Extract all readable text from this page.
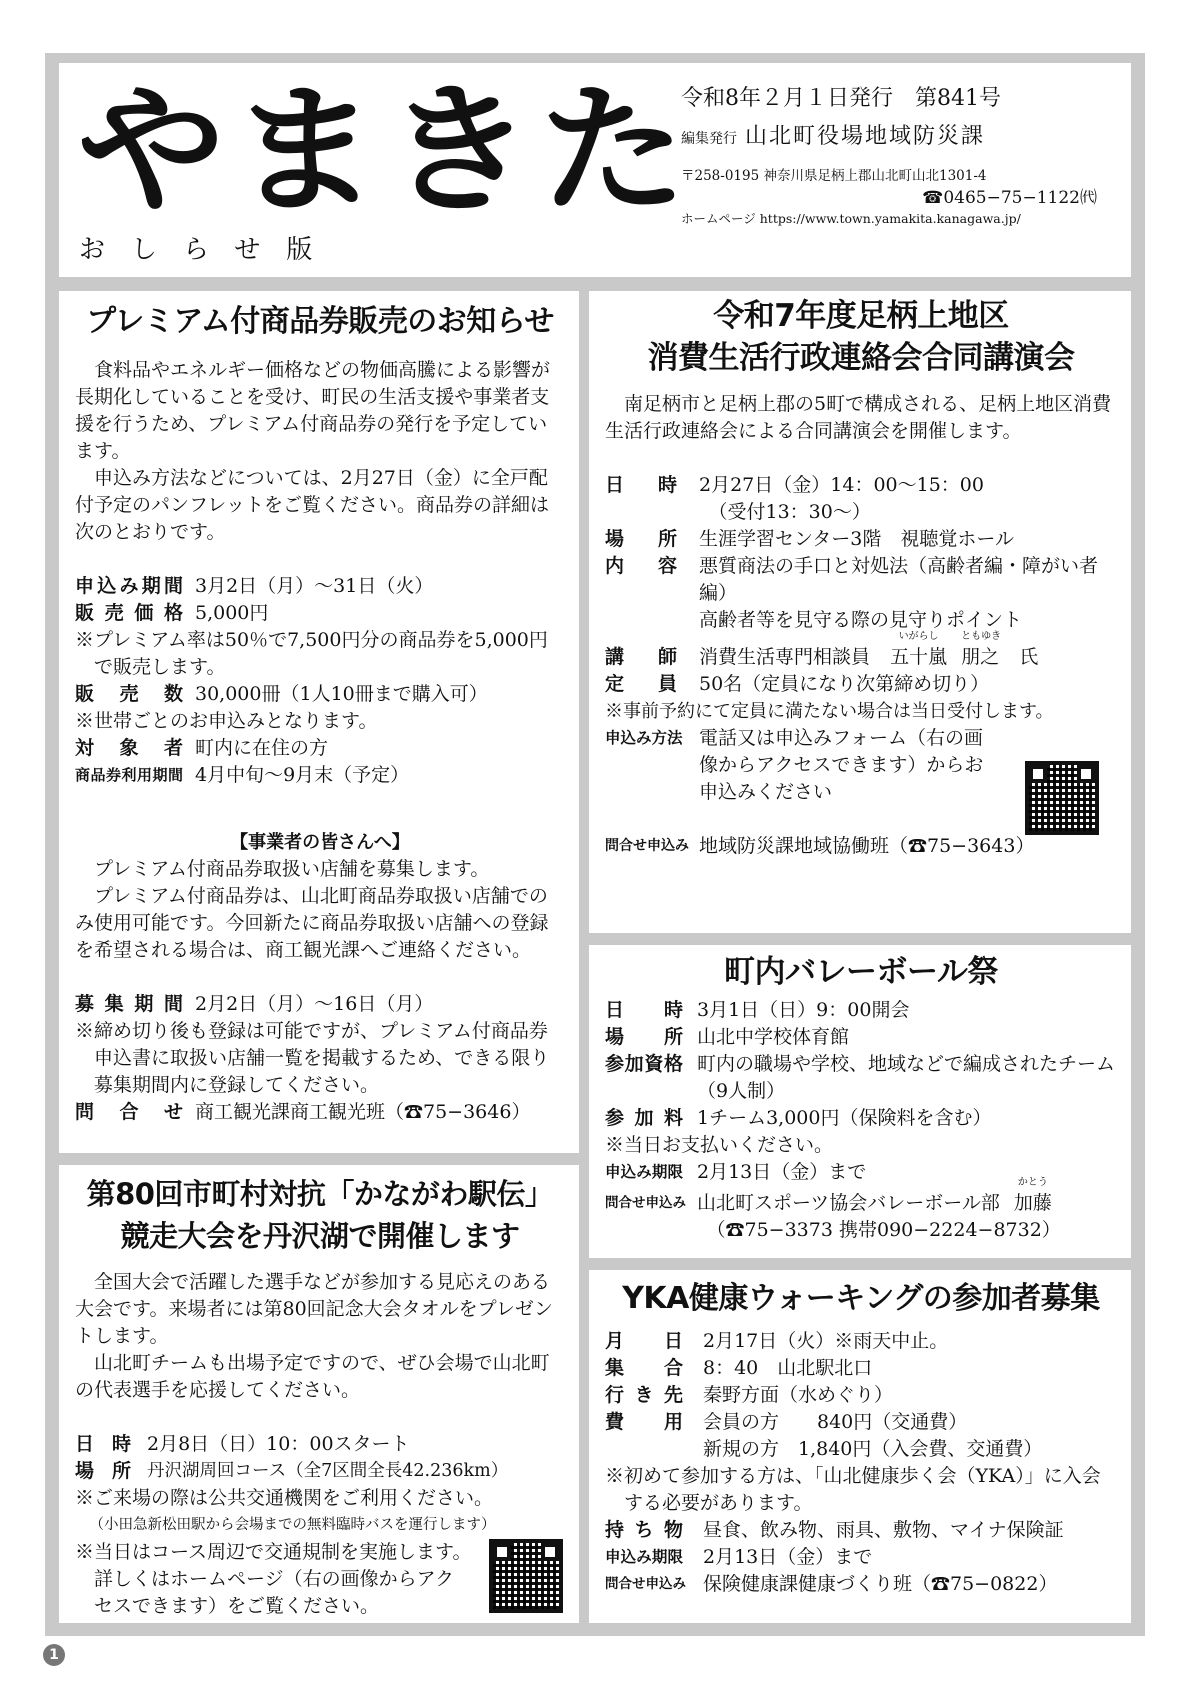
やまきた
おしらせ版
令和8年２月１日発行　第841号
編集発行 山北町役場地域防災課
〒258-0195 神奈川県足柄上郡山北町山北1301-4
☎0465−75−1122㈹
ホームページ https://www.town.yamakita.kanagawa.jp/
プレミアム付商品券販売のお知らせ

食料品やエネルギー価格などの物価高騰による影響が長期化していることを受け、町民の生活支援や事業者支援を行うため、プレミアム付商品券の発行を予定しています。

申込み方法などについては、2月27日（金）に全戸配付予定のパンフレットをご覧ください。商品券の詳細は次のとおりです。

申込み期間 3月2日（月）～31日（火）
販売価格 5,000円

※プレミアム率は50％で7,500円分の商品券を5,000円で販売します。

販売数 30,000冊（1人10冊まで購入可）

※世帯ごとのお申込みとなります。

対象者 町内に在住の方
商品券利用期間 4月中旬～9月末（予定）

【事業者の皆さんへ】

プレミアム付商品券取扱い店舗を募集します。

プレミアム付商品券は、山北町商品券取扱い店舗でのみ使用可能です。今回新たに商品券取扱い店舗への登録を希望される場合は、商工観光課へご連絡ください。

募集期間 2月2日（月）～16日（月）

※締め切り後も登録は可能ですが、プレミアム付商品券申込書に取扱い店舗一覧を掲載するため、できる限り募集期間内に登録してください。

問合せ 商工観光課商工観光班（☎75−3646）
第80回市町村対抗「かながわ駅伝」
競走大会を丹沢湖で開催します

全国大会で活躍した選手などが参加する見応えのある大会です。来場者には第80回記念大会タオルをプレゼントします。

山北町チームも出場予定ですので、ぜひ会場で山北町の代表選手を応援してください。

日時 2月8日（日）10：00スタート
場所 丹沢湖周回コース（全7区間全長42.236km）

※ご来場の際は公共交通機関をご利用ください。

（小田急新松田駅から会場までの無料臨時バスを運行します）

※当日はコース周辺で交通規制を実施します。詳しくはホームページ（右の画像からアクセスできます）をご覧ください。

令和7年度足柄上地区
消費生活行政連絡会合同講演会

南足柄市と足柄上郡の5町で構成される、足柄上地区消費生活行政連絡会による合同講演会を開催します。

日時 2月27日（金）14：00～15：00
（受付13：30～）
場所 生涯学習センター3階　視聴覚ホール
内容 悪質商法の手口と対処法（高齢者編・障がい者編）
高齢者等を見守る際の見守りポイント
講師 消費生活専門相談員
いがらし
五十嵐
ともゆき
朋之 氏
定員 50名（定員になり次第締め切り）

※事前予約にて定員に満たない場合は当日受付します。

申込み方法 電話又は申込みフォーム（右の画像からアクセスできます）からお申込みください
問合せ申込み 地域防災課地域協働班（☎75−3643）
町内バレーボール祭
日時 3月1日（日）9：00開会
場所 山北中学校体育館
参加資格 町内の職場や学校、地域などで編成されたチーム（9人制）
参加料 1チーム3,000円（保険料を含む）

※当日お支払いください。

申込み期限 2月13日（金）まで
問合せ申込み 山北町スポーツ協会バレーボール部
かとう
加藤
（☎75−3373 携帯090−2224−8732）
YKA健康ウォーキングの参加者募集
月日 2月17日（火）※雨天中止。
集合 8：40　山北駅北口
行き先 秦野方面（水めぐり）
費用 会員の方　　840円（交通費）
新規の方　1,840円（入会費、交通費）

※初めて参加する方は、「山北健康歩く会（YKA）」に入会する必要があります。

持ち物 昼食、飲み物、雨具、敷物、マイナ保険証
申込み期限 2月13日（金）まで
問合せ申込み 保険健康課健康づくり班（☎75−0822）
1
